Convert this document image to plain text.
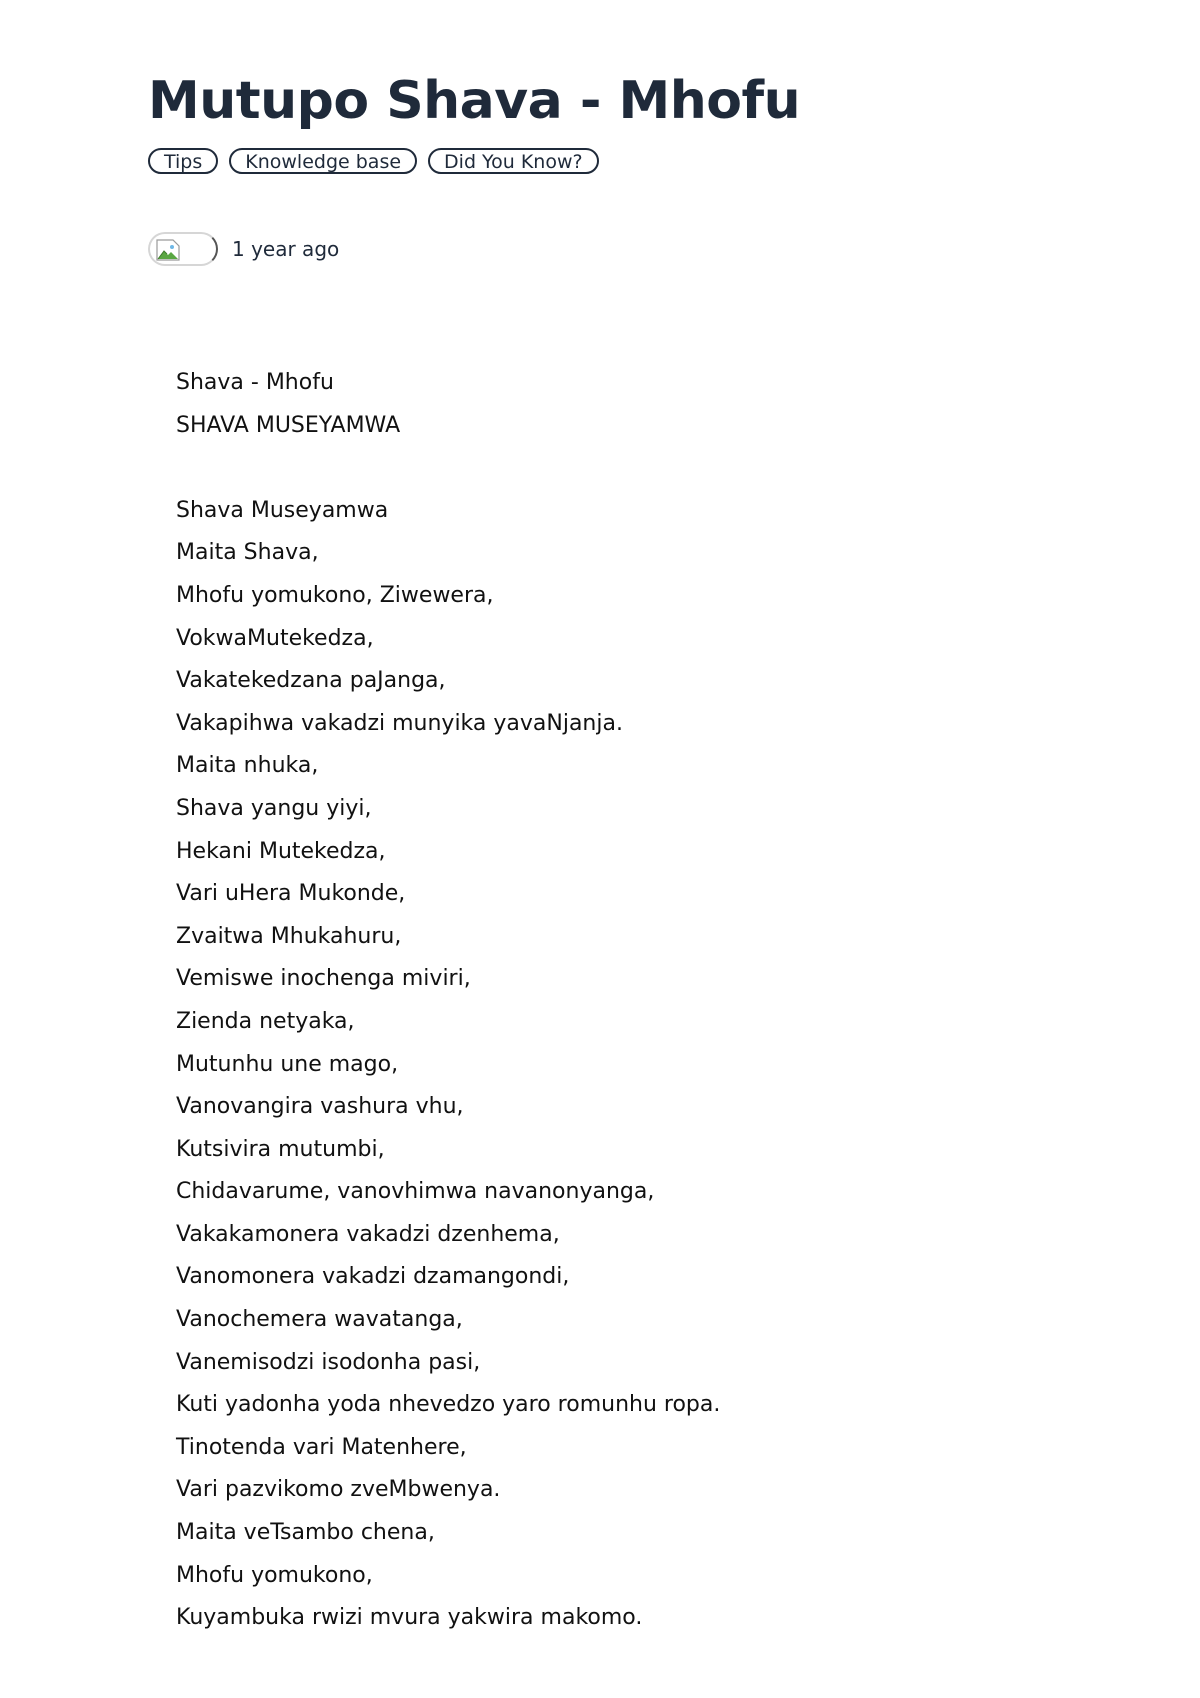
Mutupo Shava - Mhofu
Tips	Knowledge base	Did You Know?
1 year ago

Shava - Mhofu

SHAVA MUSEYAMWA

Shava Museyamwa

Maita Shava,

Mhofu yomukono, Ziwewera,

VokwaMutekedza,

Vakatekedzana paJanga,

Vakapihwa vakadzi munyika yavaNjanja.

Maita nhuka,

Shava yangu yiyi,

Hekani Mutekedza,

Vari uHera Mukonde,

Zvaitwa Mhukahuru,

Vemiswe inochenga miviri,

Zienda netyaka,

Mutunhu une mago,

Vanovangira vashura vhu,

Kutsivira mutumbi,

Chidavarume, vanovhimwa navanonyanga,

Vakakamonera vakadzi dzenhema,

Vanomonera vakadzi dzamangondi,

Vanochemera wavatanga,

Vanemisodzi isodonha pasi,

Kuti yadonha yoda nhevedzo yaro romunhu ropa.

Tinotenda vari Matenhere,

Vari pazvikomo zveMbwenya.

Maita veTsambo chena,

Mhofu yomukono,

Kuyambuka rwizi mvura yakwira makomo.
